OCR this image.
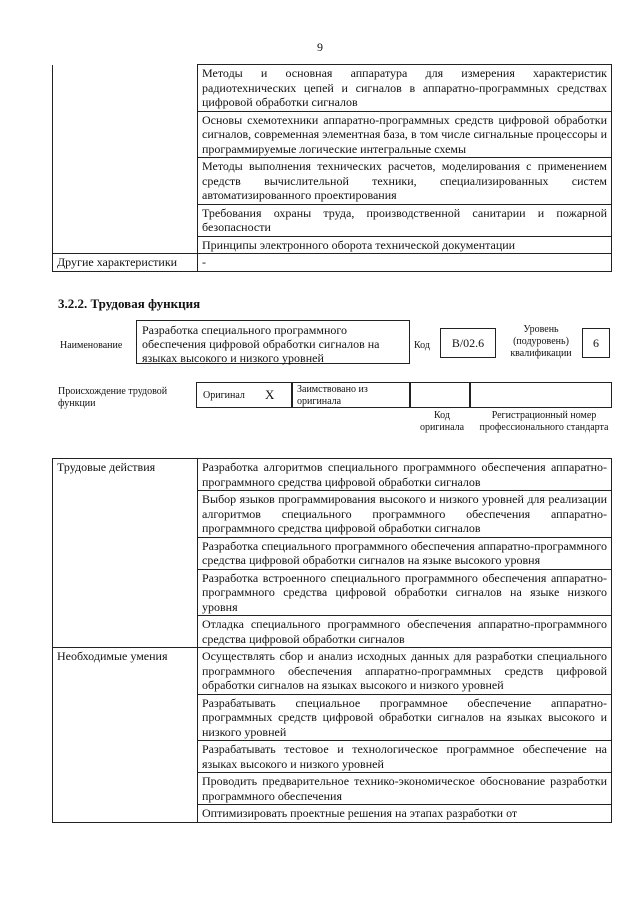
9
	Методы и основная аппаратура для измерения характеристик радиотехнических цепей и сигналов в аппаратно-программных средствах цифровой обработки сигналов
	Основы схемотехники аппаратно-программных средств цифровой обработки сигналов, современная элементная база, в том числе сигнальные процессоры и программируемые логические интегральные схемы
	Методы выполнения технических расчетов, моделирования с применением средств вычислительной техники, специализированных систем автоматизированного проектирования
	Требования охраны труда, производственной санитарии и пожарной безопасности
	Принципы электронного оборота технической документации
Другие характеристики	-
3.2.2. Трудовая функция
Наименование
Разработка специального программного обеспечения цифровой обработки сигналов на языках высокого и низкого уровней
Код	B/02.6
Уровень (подуровень) квалификации
6
Происхождение трудовой функции
Оригинал X	Заимствовано из оригинала
Код оригинала
Регистрационный номер профессионального стандарта
Трудовые действия	Разработка алгоритмов специального программного обеспечения аппаратно-программного средства цифровой обработки сигналов
	Выбор языков программирования высокого и низкого уровней для реализации алгоритмов специального программного обеспечения аппаратно-программного средства цифровой обработки сигналов
	Разработка специального программного обеспечения аппаратно-программного средства цифровой обработки сигналов на языке высокого уровня
	Разработка встроенного специального программного обеспечения аппаратно-программного средства цифровой обработки сигналов на языке низкого уровня
	Отладка специального программного обеспечения аппаратно-программного средства цифровой обработки сигналов
Необходимые умения	Осуществлять сбор и анализ исходных данных для разработки специального программного обеспечения аппаратно-программных средств цифровой обработки сигналов на языках высокого и низкого уровней
	Разрабатывать специальное программное обеспечение аппаратно-программных средств цифровой обработки сигналов на языках высокого и низкого уровней
	Разрабатывать тестовое и технологическое программное обеспечение на языках высокого и низкого уровней
	Проводить предварительное технико-экономическое обоснование разработки программного обеспечения
	Оптимизировать проектные решения на этапах разработки от
